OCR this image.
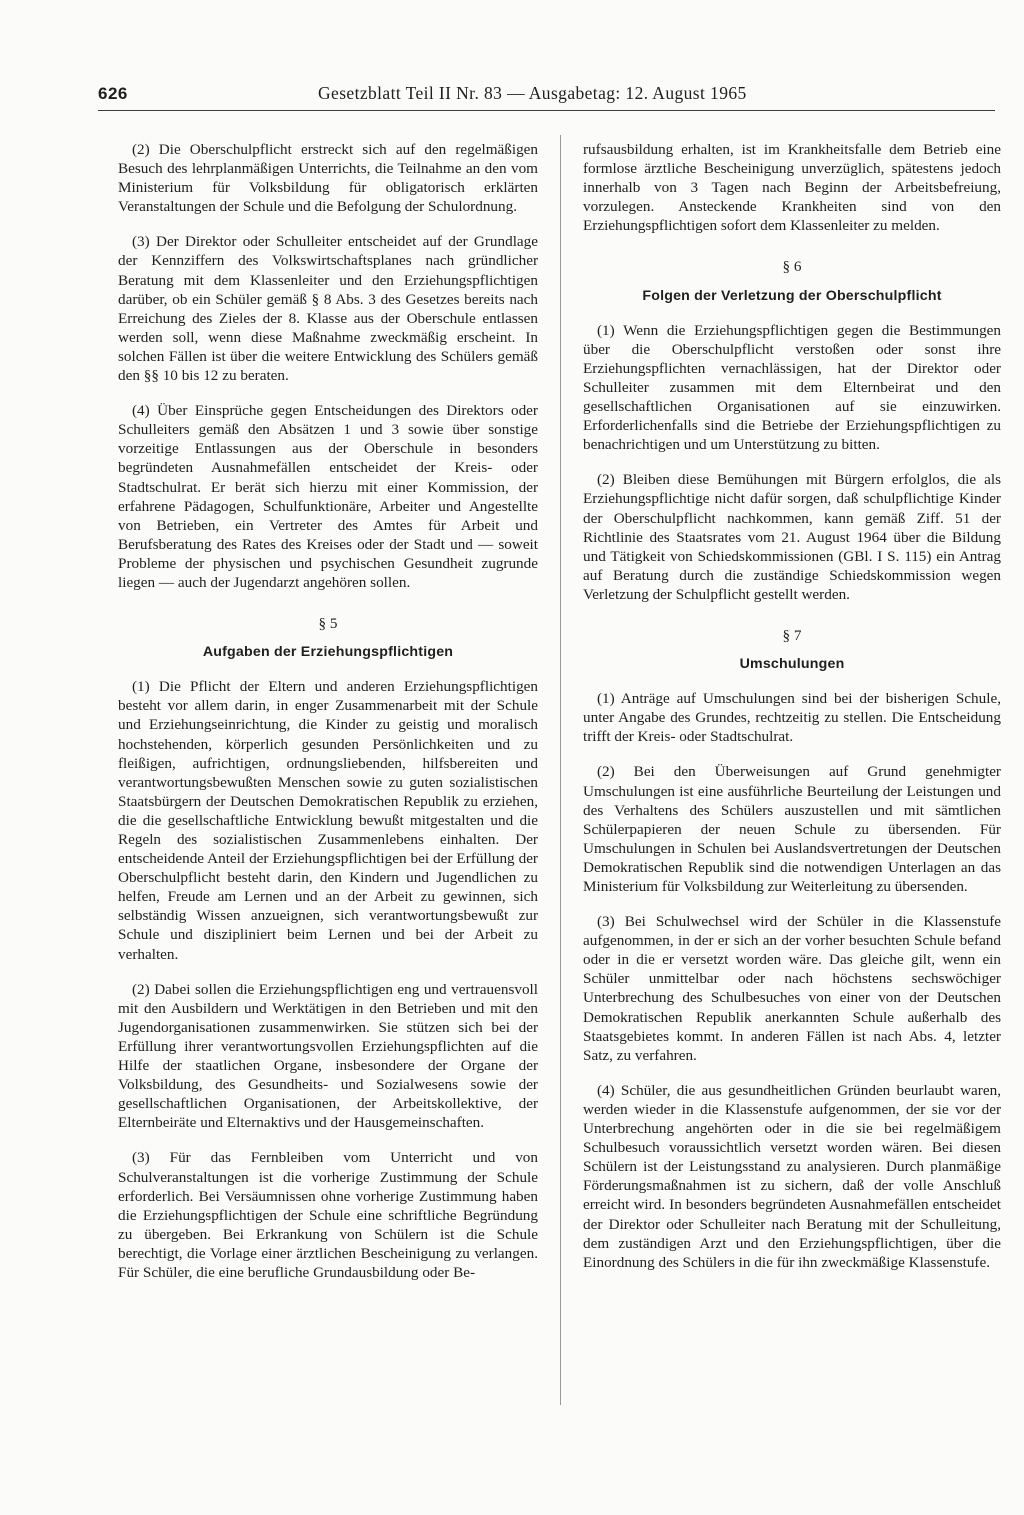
626	Gesetzblatt Teil II Nr. 83 — Ausgabetag: 12. August 1965

(2) Die Oberschulpflicht erstreckt sich auf den regelmäßigen Besuch des lehrplanmäßigen Unterrichts, die Teilnahme an den vom Ministerium für Volksbildung für obligatorisch erklärten Veranstaltungen der Schule und die Befolgung der Schulordnung.

(3) Der Direktor oder Schulleiter entscheidet auf der Grundlage der Kennziffern des Volkswirtschaftsplanes nach gründlicher Beratung mit dem Klassenleiter und den Erziehungspflichtigen darüber, ob ein Schüler gemäß § 8 Abs. 3 des Gesetzes bereits nach Erreichung des Zieles der 8. Klasse aus der Oberschule entlassen werden soll, wenn diese Maßnahme zweckmäßig erscheint. In solchen Fällen ist über die weitere Entwicklung des Schülers gemäß den §§ 10 bis 12 zu beraten.

(4) Über Einsprüche gegen Entscheidungen des Direktors oder Schulleiters gemäß den Absätzen 1 und 3 sowie über sonstige vorzeitige Entlassungen aus der Oberschule in besonders begründeten Ausnahmefällen entscheidet der Kreis- oder Stadtschulrat. Er berät sich hierzu mit einer Kommission, der erfahrene Pädagogen, Schulfunktionäre, Arbeiter und Angestellte von Betrieben, ein Vertreter des Amtes für Arbeit und Berufsberatung des Rates des Kreises oder der Stadt und — soweit Probleme der physischen und psychischen Gesundheit zugrunde liegen — auch der Jugendarzt angehören sollen.

§ 5
Aufgaben der Erziehungspflichtigen

(1) Die Pflicht der Eltern und anderen Erziehungspflichtigen besteht vor allem darin, in enger Zusammenarbeit mit der Schule und Erziehungseinrichtung, die Kinder zu geistig und moralisch hochstehenden, körperlich gesunden Persönlichkeiten und zu fleißigen, aufrichtigen, ordnungsliebenden, hilfsbereiten und verantwortungsbewußten Menschen sowie zu guten sozialistischen Staatsbürgern der Deutschen Demokratischen Republik zu erziehen, die die gesellschaftliche Entwicklung bewußt mitgestalten und die Regeln des sozialistischen Zusammenlebens einhalten. Der entscheidende Anteil der Erziehungspflichtigen bei der Erfüllung der Oberschulpflicht besteht darin, den Kindern und Jugendlichen zu helfen, Freude am Lernen und an der Arbeit zu gewinnen, sich selbständig Wissen anzueignen, sich verantwortungsbewußt zur Schule und diszipliniert beim Lernen und bei der Arbeit zu verhalten.

(2) Dabei sollen die Erziehungspflichtigen eng und vertrauensvoll mit den Ausbildern und Werktätigen in den Betrieben und mit den Jugendorganisationen zusammenwirken. Sie stützen sich bei der Erfüllung ihrer verantwortungsvollen Erziehungspflichten auf die Hilfe der staatlichen Organe, insbesondere der Organe der Volksbildung, des Gesundheits- und Sozialwesens sowie der gesellschaftlichen Organisationen, der Arbeitskollektive, der Elternbeiräte und Elternaktivs und der Hausgemeinschaften.

(3) Für das Fernbleiben vom Unterricht und von Schulveranstaltungen ist die vorherige Zustimmung der Schule erforderlich. Bei Versäumnissen ohne vorherige Zustimmung haben die Erziehungspflichtigen der Schule eine schriftliche Begründung zu übergeben. Bei Erkrankung von Schülern ist die Schule berechtigt, die Vorlage einer ärztlichen Bescheinigung zu verlangen. Für Schüler, die eine berufliche Grundausbildung oder Be-

rufsausbildung erhalten, ist im Krankheitsfalle dem Betrieb eine formlose ärztliche Bescheinigung unverzüglich, spätestens jedoch innerhalb von 3 Tagen nach Beginn der Arbeitsbefreiung, vorzulegen. Ansteckende Krankheiten sind von den Erziehungspflichtigen sofort dem Klassenleiter zu melden.

§ 6
Folgen der Verletzung der Oberschulpflicht

(1) Wenn die Erziehungspflichtigen gegen die Bestimmungen über die Oberschulpflicht verstoßen oder sonst ihre Erziehungspflichten vernachlässigen, hat der Direktor oder Schulleiter zusammen mit dem Elternbeirat und den gesellschaftlichen Organisationen auf sie einzuwirken. Erforderlichenfalls sind die Betriebe der Erziehungspflichtigen zu benachrichtigen und um Unterstützung zu bitten.

(2) Bleiben diese Bemühungen mit Bürgern erfolglos, die als Erziehungspflichtige nicht dafür sorgen, daß schulpflichtige Kinder der Oberschulpflicht nachkommen, kann gemäß Ziff. 51 der Richtlinie des Staatsrates vom 21. August 1964 über die Bildung und Tätigkeit von Schiedskommissionen (GBl. I S. 115) ein Antrag auf Beratung durch die zuständige Schiedskommission wegen Verletzung der Schulpflicht gestellt werden.

§ 7
Umschulungen

(1) Anträge auf Umschulungen sind bei der bisherigen Schule, unter Angabe des Grundes, rechtzeitig zu stellen. Die Entscheidung trifft der Kreis- oder Stadtschulrat.

(2) Bei den Überweisungen auf Grund genehmigter Umschulungen ist eine ausführliche Beurteilung der Leistungen und des Verhaltens des Schülers auszustellen und mit sämtlichen Schülerpapieren der neuen Schule zu übersenden. Für Umschulungen in Schulen bei Auslandsvertretungen der Deutschen Demokratischen Republik sind die notwendigen Unterlagen an das Ministerium für Volksbildung zur Weiterleitung zu übersenden.

(3) Bei Schulwechsel wird der Schüler in die Klassenstufe aufgenommen, in der er sich an der vorher besuchten Schule befand oder in die er versetzt worden wäre. Das gleiche gilt, wenn ein Schüler unmittelbar oder nach höchstens sechswöchiger Unterbrechung des Schulbesuches von einer von der Deutschen Demokratischen Republik anerkannten Schule außerhalb des Staatsgebietes kommt. In anderen Fällen ist nach Abs. 4, letzter Satz, zu verfahren.

(4) Schüler, die aus gesundheitlichen Gründen beurlaubt waren, werden wieder in die Klassenstufe aufgenommen, der sie vor der Unterbrechung angehörten oder in die sie bei regelmäßigem Schulbesuch voraussichtlich versetzt worden wären. Bei diesen Schülern ist der Leistungsstand zu analysieren. Durch planmäßige Förderungsmaßnahmen ist zu sichern, daß der volle Anschluß erreicht wird. In besonders begründeten Ausnahmefällen entscheidet der Direktor oder Schulleiter nach Beratung mit der Schulleitung, dem zuständigen Arzt und den Erziehungspflichtigen, über die Einordnung des Schülers in die für ihn zweckmäßige Klassenstufe.
